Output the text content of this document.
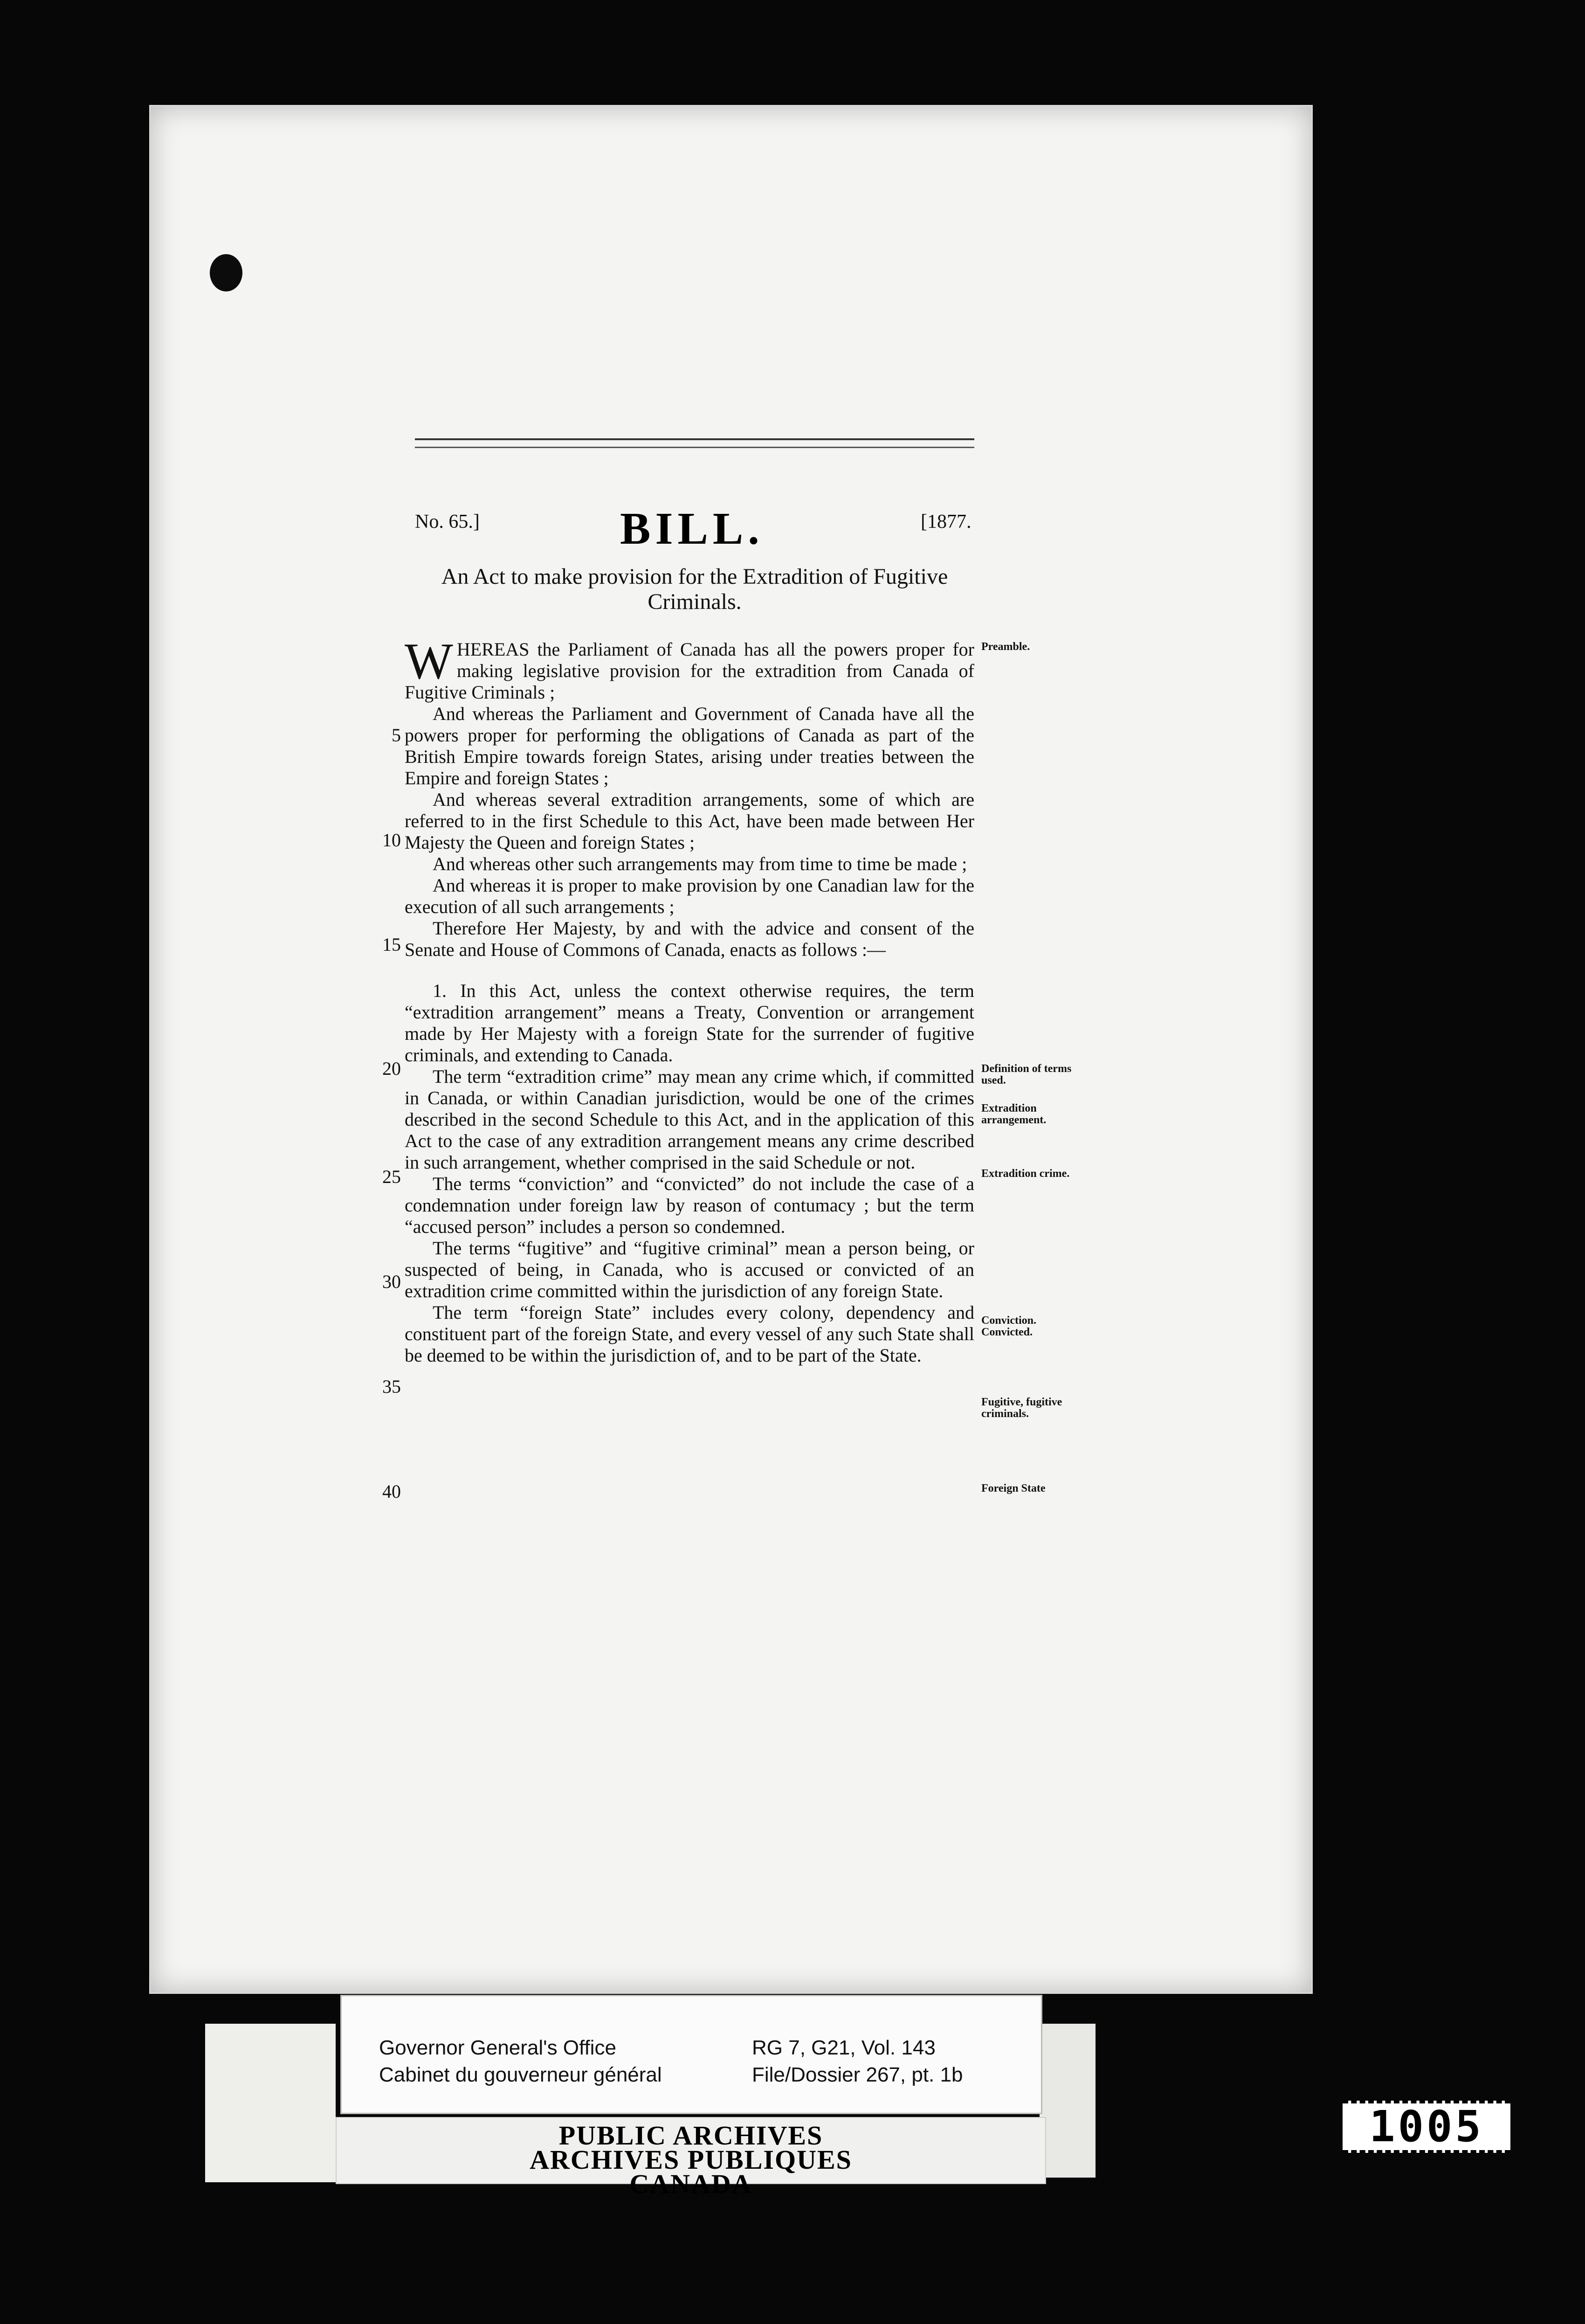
No. 65.]	BILL.	[1877.
An Act to make provision for the Extradition of Fugitive Criminals.

WHEREAS the Parliament of Canada has all the powers proper for making legislative provision for the extradition from Canada of Fugitive Criminals ;

And whereas the Parliament and Government of Canada have all the powers proper for performing the obligations of Canada as part of the British Empire towards foreign States, arising under treaties between the Empire and foreign States ;

And whereas several extradition arrangements, some of which are referred to in the first Schedule to this Act, have been made between Her Majesty the Queen and foreign States ;

And whereas other such arrangements may from time to time be made ;

And whereas it is proper to make provision by one Canadian law for the execution of all such arrangements ;

Therefore Her Majesty, by and with the advice and consent of the Senate and House of Commons of Canada, enacts as follows :—

1. In this Act, unless the context otherwise requires, the term “extradition arrangement” means a Treaty, Convention or arrangement made by Her Majesty with a foreign State for the surrender of fugitive criminals, and extending to Canada.

The term “extradition crime” may mean any crime which, if committed in Canada, or within Canadian jurisdiction, would be one of the crimes described in the second Schedule to this Act, and in the application of this Act to the case of any extradition arrangement means any crime described in such arrangement, whether comprised in the said Schedule or not.

The terms “conviction” and “convicted” do not include the case of a condemnation under foreign law by reason of contumacy ; but the term “accused person” includes a person so condemned.

The terms “fugitive” and “fugitive criminal” mean a person being, or suspected of being, in Canada, who is accused or convicted of an extradition crime committed within the jurisdiction of any foreign State.

The term “foreign State” includes every colony, dependency and constituent part of the foreign State, and every vessel of any such State shall be deemed to be within the jurisdiction of, and to be part of the State.

5
10
15
20
25
30
35
40
Preamble.
Definition of terms used.
Extradition arrangement.
Extradition crime.
Conviction. Convicted.
Fugitive, fugitive criminals.
Foreign State
Governor General's Office
Cabinet du gouverneur général
RG 7, G21, Vol. 143
File/Dossier 267, pt. 1b
PUBLIC ARCHIVES
ARCHIVES PUBLIQUES
CANADA
1005
